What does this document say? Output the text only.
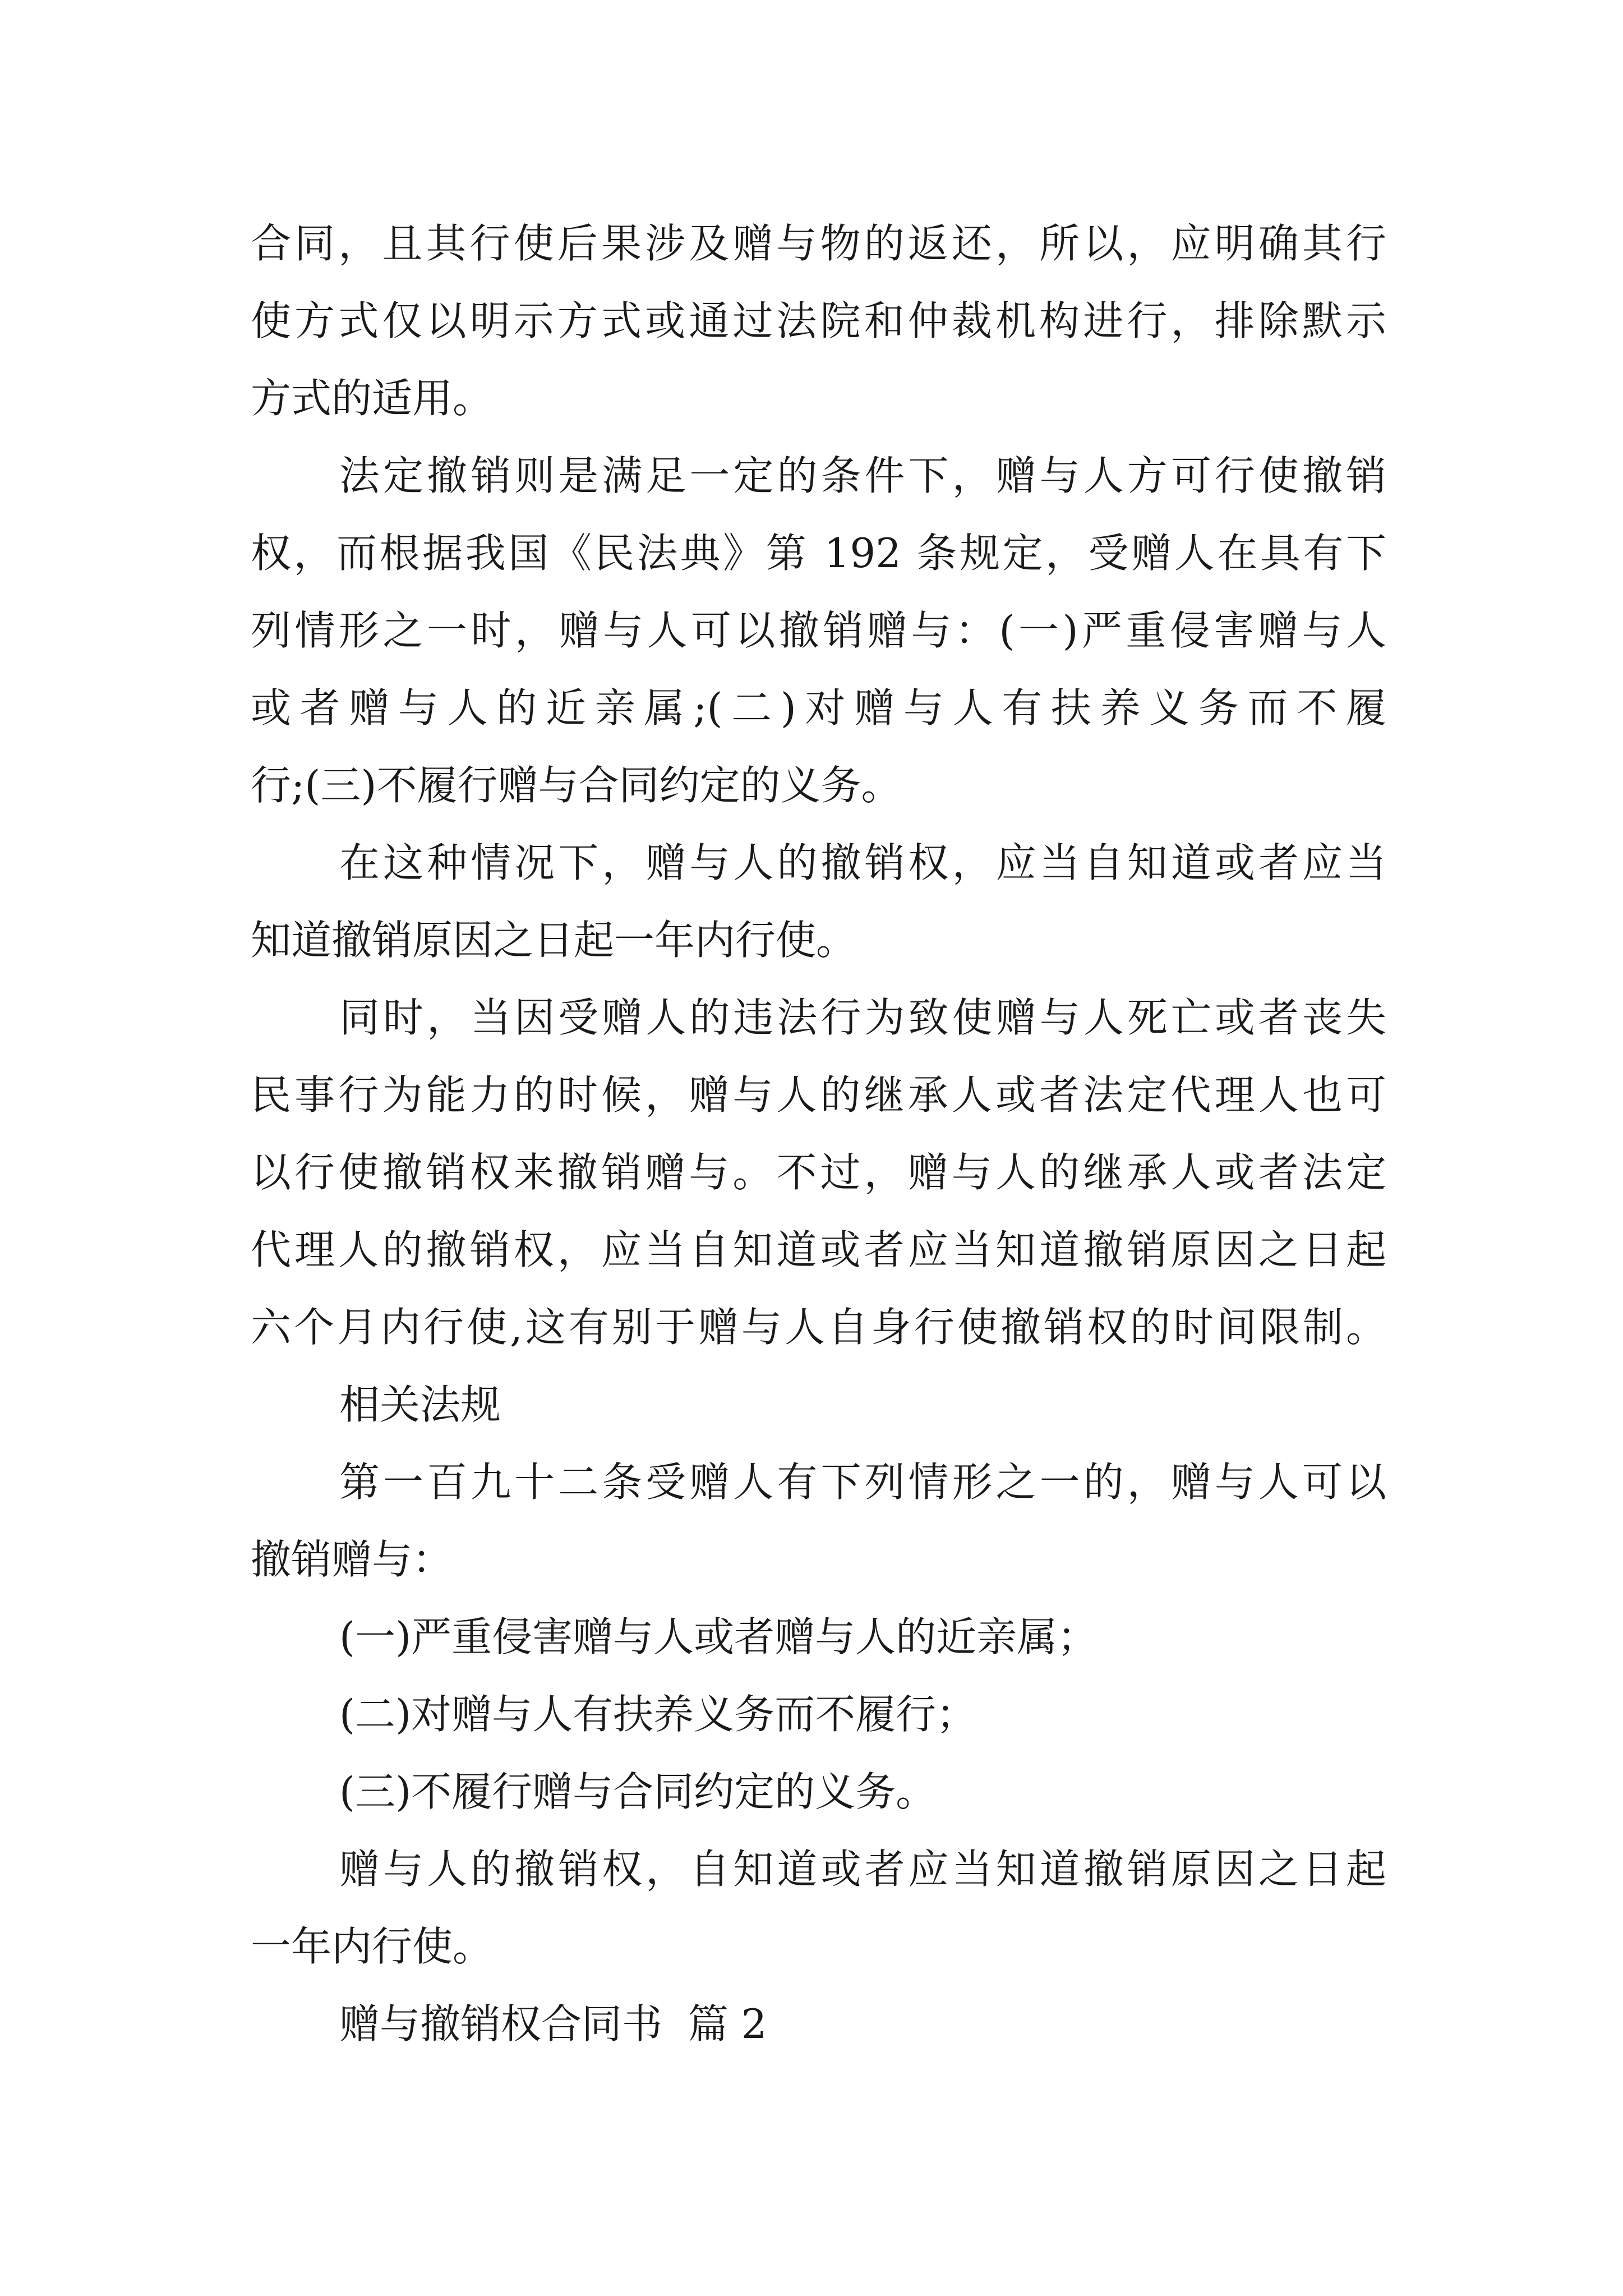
合同，且其行使后果涉及赠与物的返还，所以，应明确其行
使方式仅以明示方式或通过法院和仲裁机构进行，排除默示
方式的适用。
法定撤销则是满足一定的条件下，赠与人方可行使撤销
权，而根据我国《民法典》第 192 条规定，受赠人在具有下
列情形之一时，赠与人可以撤销赠与：(一)严重侵害赠与人
或者赠与人的近亲属;(二)对赠与人有扶养义务而不履
行;(三)不履行赠与合同约定的义务。
在这种情况下，赠与人的撤销权，应当自知道或者应当
知道撤销原因之日起一年内行使。
同时，当因受赠人的违法行为致使赠与人死亡或者丧失
民事行为能力的时候，赠与人的继承人或者法定代理人也可
以行使撤销权来撤销赠与。不过，赠与人的继承人或者法定
代理人的撤销权，应当自知道或者应当知道撤销原因之日起
六个月内行使,这有别于赠与人自身行使撤销权的时间限制。
相关法规
第一百九十二条受赠人有下列情形之一的，赠与人可以
撤销赠与：
(一)严重侵害赠与人或者赠与人的近亲属；
(二)对赠与人有扶养义务而不履行；
(三)不履行赠与合同约定的义务。
赠与人的撤销权，自知道或者应当知道撤销原因之日起
一年内行使。
赠与撤销权合同书  篇 2
